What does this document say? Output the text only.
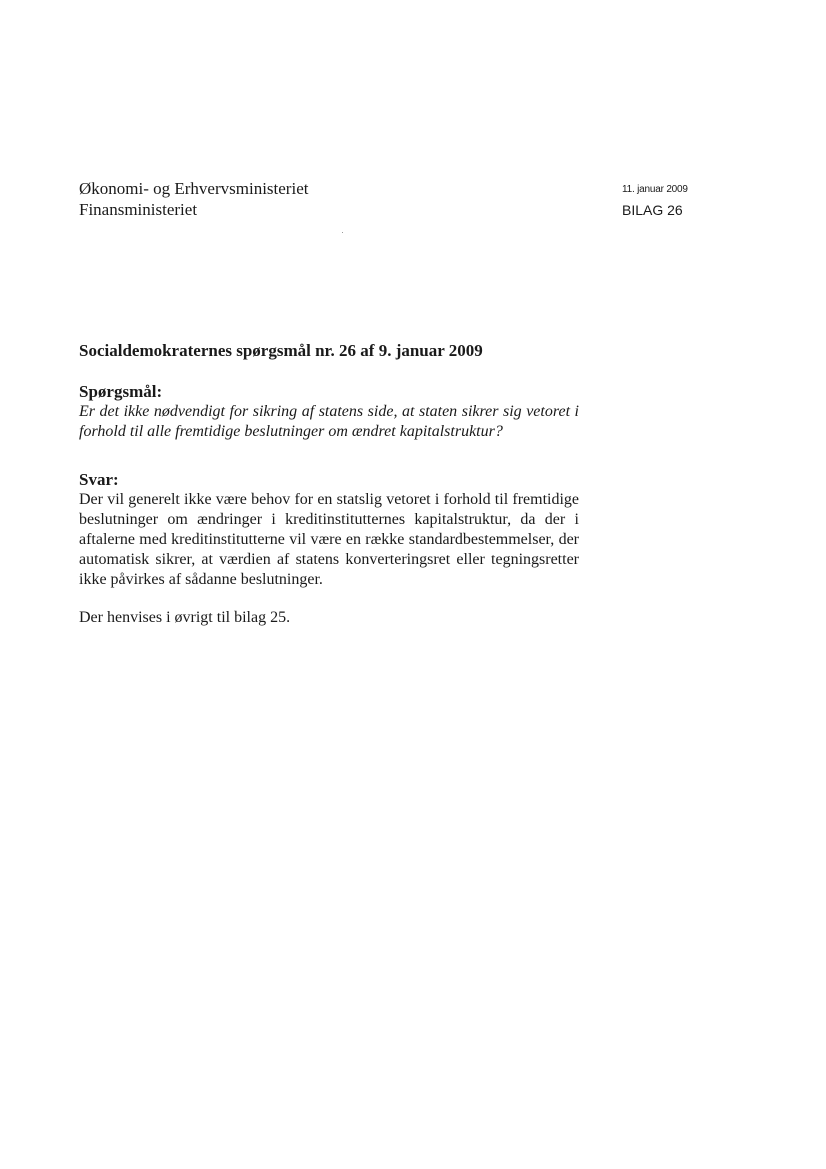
Økonomi- og Erhvervsministeriet
Finansministeriet
11. januar 2009
BILAG 26

Socialdemokraternes spørgsmål nr. 26 af 9. januar 2009

Spørgsmål:

Er det ikke nødvendigt for sikring af statens side, at staten sikrer sig vetoret i forhold til alle fremtidige beslutninger om ændret kapitalstruktur?

Svar:

Der vil generelt ikke være behov for en statslig vetoret i forhold til fremtidige beslutninger om ændringer i kreditinstitutternes kapitalstruktur, da der i aftalerne med kreditinstitutterne vil være en række standardbestemmelser, der automatisk sikrer, at værdien af statens konverteringsret eller tegningsretter ikke påvirkes af sådanne beslutninger.

Der henvises i øvrigt til bilag 25.
